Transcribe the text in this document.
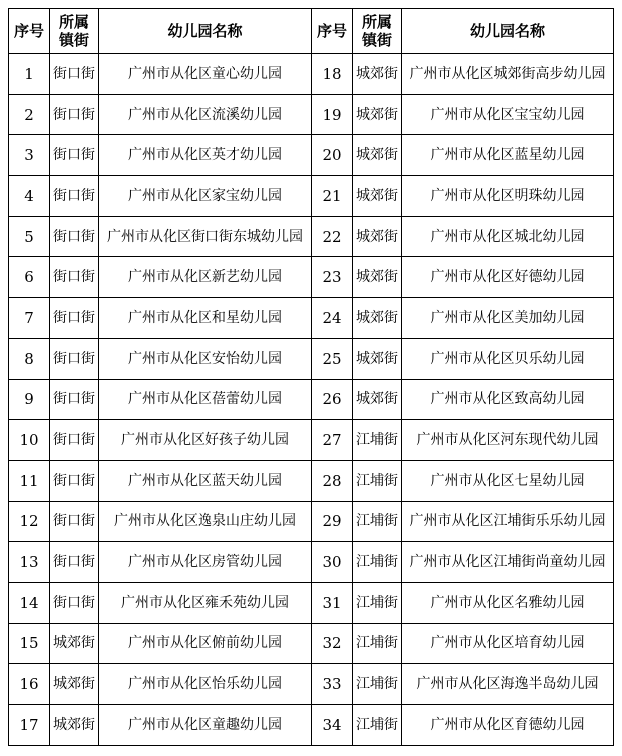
序号	所属镇街	幼儿园名称	序号	所属镇街	幼儿园名称
1	街口街	广州市从化区童心幼儿园	18	城郊街	广州市从化区城郊街高步幼儿园
2	街口街	广州市从化区流溪幼儿园	19	城郊街	广州市从化区宝宝幼儿园
3	街口街	广州市从化区英才幼儿园	20	城郊街	广州市从化区蓝星幼儿园
4	街口街	广州市从化区家宝幼儿园	21	城郊街	广州市从化区明珠幼儿园
5	街口街	广州市从化区街口街东城幼儿园	22	城郊街	广州市从化区城北幼儿园
6	街口街	广州市从化区新艺幼儿园	23	城郊街	广州市从化区好德幼儿园
7	街口街	广州市从化区和星幼儿园	24	城郊街	广州市从化区美加幼儿园
8	街口街	广州市从化区安怡幼儿园	25	城郊街	广州市从化区贝乐幼儿园
9	街口街	广州市从化区蓓蕾幼儿园	26	城郊街	广州市从化区致高幼儿园
10	街口街	广州市从化区好孩子幼儿园	27	江埔街	广州市从化区河东现代幼儿园
11	街口街	广州市从化区蓝天幼儿园	28	江埔街	广州市从化区七星幼儿园
12	街口街	广州市从化区逸泉山庄幼儿园	29	江埔街	广州市从化区江埔街乐乐幼儿园
13	街口街	广州市从化区房管幼儿园	30	江埔街	广州市从化区江埔街尚童幼儿园
14	街口街	广州市从化区雍禾苑幼儿园	31	江埔街	广州市从化区名雅幼儿园
15	城郊街	广州市从化区俯前幼儿园	32	江埔街	广州市从化区培育幼儿园
16	城郊街	广州市从化区怡乐幼儿园	33	江埔街	广州市从化区海逸半岛幼儿园
17	城郊街	广州市从化区童趣幼儿园	34	江埔街	广州市从化区育德幼儿园
